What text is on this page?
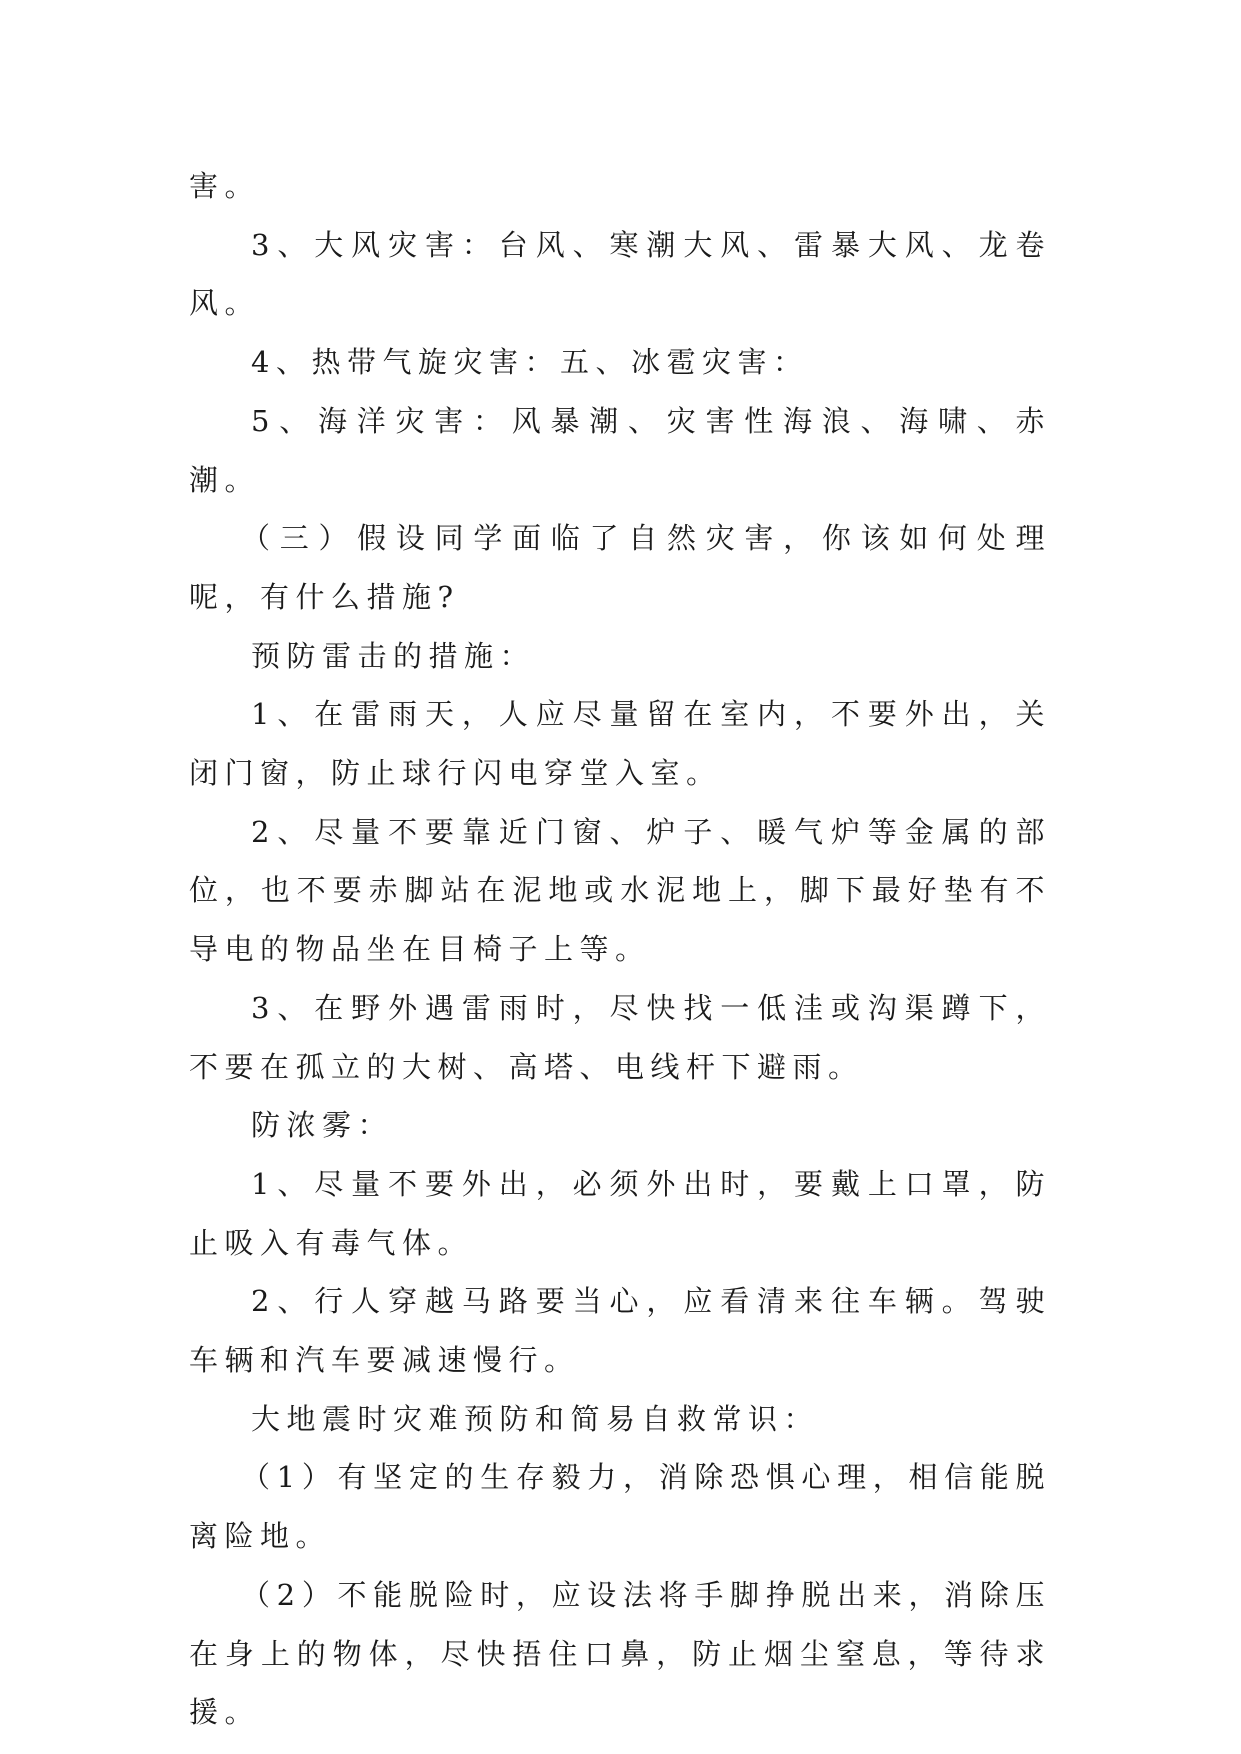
害。

3、大风灾害：台风、寒潮大风、雷暴大风、龙卷风。

4、热带气旋灾害：五、冰雹灾害：

5、海洋灾害：风暴潮、灾害性海浪、海啸、赤潮。

（三）假设同学面临了自然灾害，你该如何处理呢，有什么措施?

预防雷击的措施：

1、在雷雨天，人应尽量留在室内，不要外出，关闭门窗，防止球行闪电穿堂入室。

2、尽量不要靠近门窗、炉子、暖气炉等金属的部位，也不要赤脚站在泥地或水泥地上，脚下最好垫有不导电的物品坐在目椅子上等。

3、在野外遇雷雨时，尽快找一低洼或沟渠蹲下，不要在孤立的大树、高塔、电线杆下避雨。

防浓雾：

1、尽量不要外出，必须外出时，要戴上口罩，防止吸入有毒气体。

2、行人穿越马路要当心，应看清来往车辆。驾驶车辆和汽车要减速慢行。

大地震时灾难预防和简易自救常识：

（1）有坚定的生存毅力，消除恐惧心理，相信能脱离险地。

（2）不能脱险时，应设法将手脚挣脱出来，消除压在身上的物体，尽快捂住口鼻，防止烟尘窒息，等待求援。
